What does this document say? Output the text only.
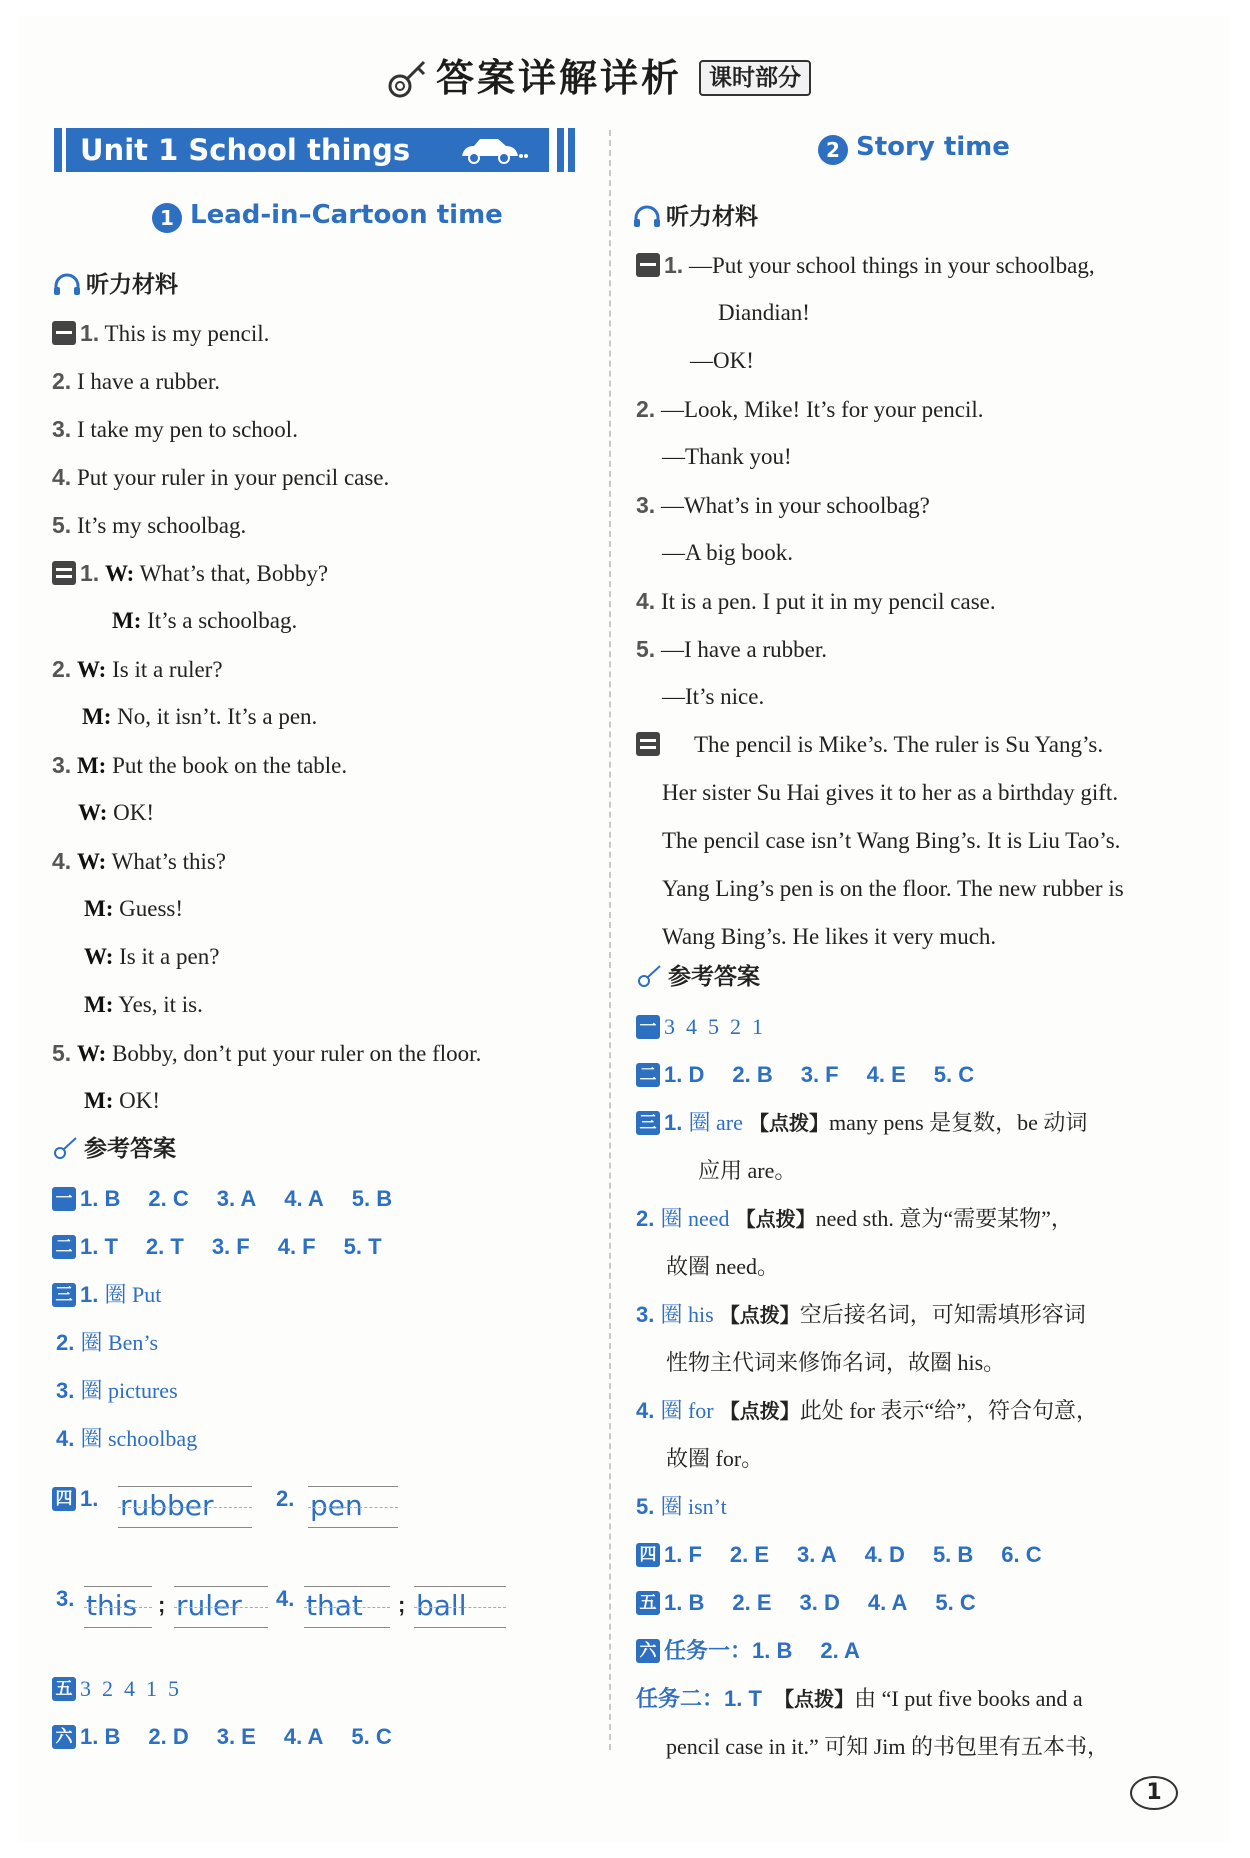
答案详解详析	课时部分
Unit 1 School things
1 Lead-in–Cartoon time
听力材料
1. This is my pencil.
2. I have a rubber.
3. I take my pen to school.
4. Put your ruler in your pencil case.
5. It’s my schoolbag.
1. W: What’s that, Bobby?
M: It’s a schoolbag.
2. W: Is it a ruler?
M: No, it isn’t. It’s a pen.
3. M: Put the book on the table.
W: OK!
4. W: What’s this?
M: Guess!
W: Is it a pen?
M: Yes, it is.
5. W: Bobby, don’t put your ruler on the floor.
M: OK!
参考答案
一 1. B 2. C 3. A 4. A 5. B
二 1. T 2. T 3. F 4. F 5. T
三 1. 圈 Put
2. 圈 Ben’s
3. 圈 pictures
4. 圈 schoolbag
四 1. rubber	2. pen
3. this ; ruler	4. that	; ball
五 3  2  4  1  5
六 1. B 2. D 3. E 4. A 5. C
2 Story time
听力材料
1. —Put your school things in your schoolbag,
Diandian!
—OK!
2. —Look, Mike! It’s for your pencil.
—Thank you!
3. —What’s in your schoolbag?
—A big book.
4. It is a pen. I put it in my pencil case.
5. —I have a rubber.
—It’s nice.
The pencil is Mike’s. The ruler is Su Yang’s.
Her sister Su Hai gives it to her as a birthday gift.
The pencil case isn’t Wang Bing’s. It is Liu Tao’s.
Yang Ling’s pen is on the floor. The new rubber is
Wang Bing’s. He likes it very much.
参考答案
一 3  4  5  2  1
二 1. D 2. B 3. F 4. E 5. C
三 1. 圈 are 【点拨】many pens 是复数，be 动词
应用 are。
2. 圈 need 【点拨】need sth. 意为“需要某物”，
故圈 need。
3. 圈 his 【点拨】空后接名词，可知需填形容词
性物主代词来修饰名词，故圈 his。
4. 圈 for 【点拨】此处 for 表示“给”，符合句意，
故圈 for。
5. 圈 isn’t
四 1. F 2. E 3. A 4. D 5. B 6. C
五 1. B 2. E 3. D 4. A 5. C
六 任务一：1. B 2. A
任务二：1. T 【点拨】由 “I put five books and a
pencil case in it.” 可知 Jim 的书包里有五本书，
1
